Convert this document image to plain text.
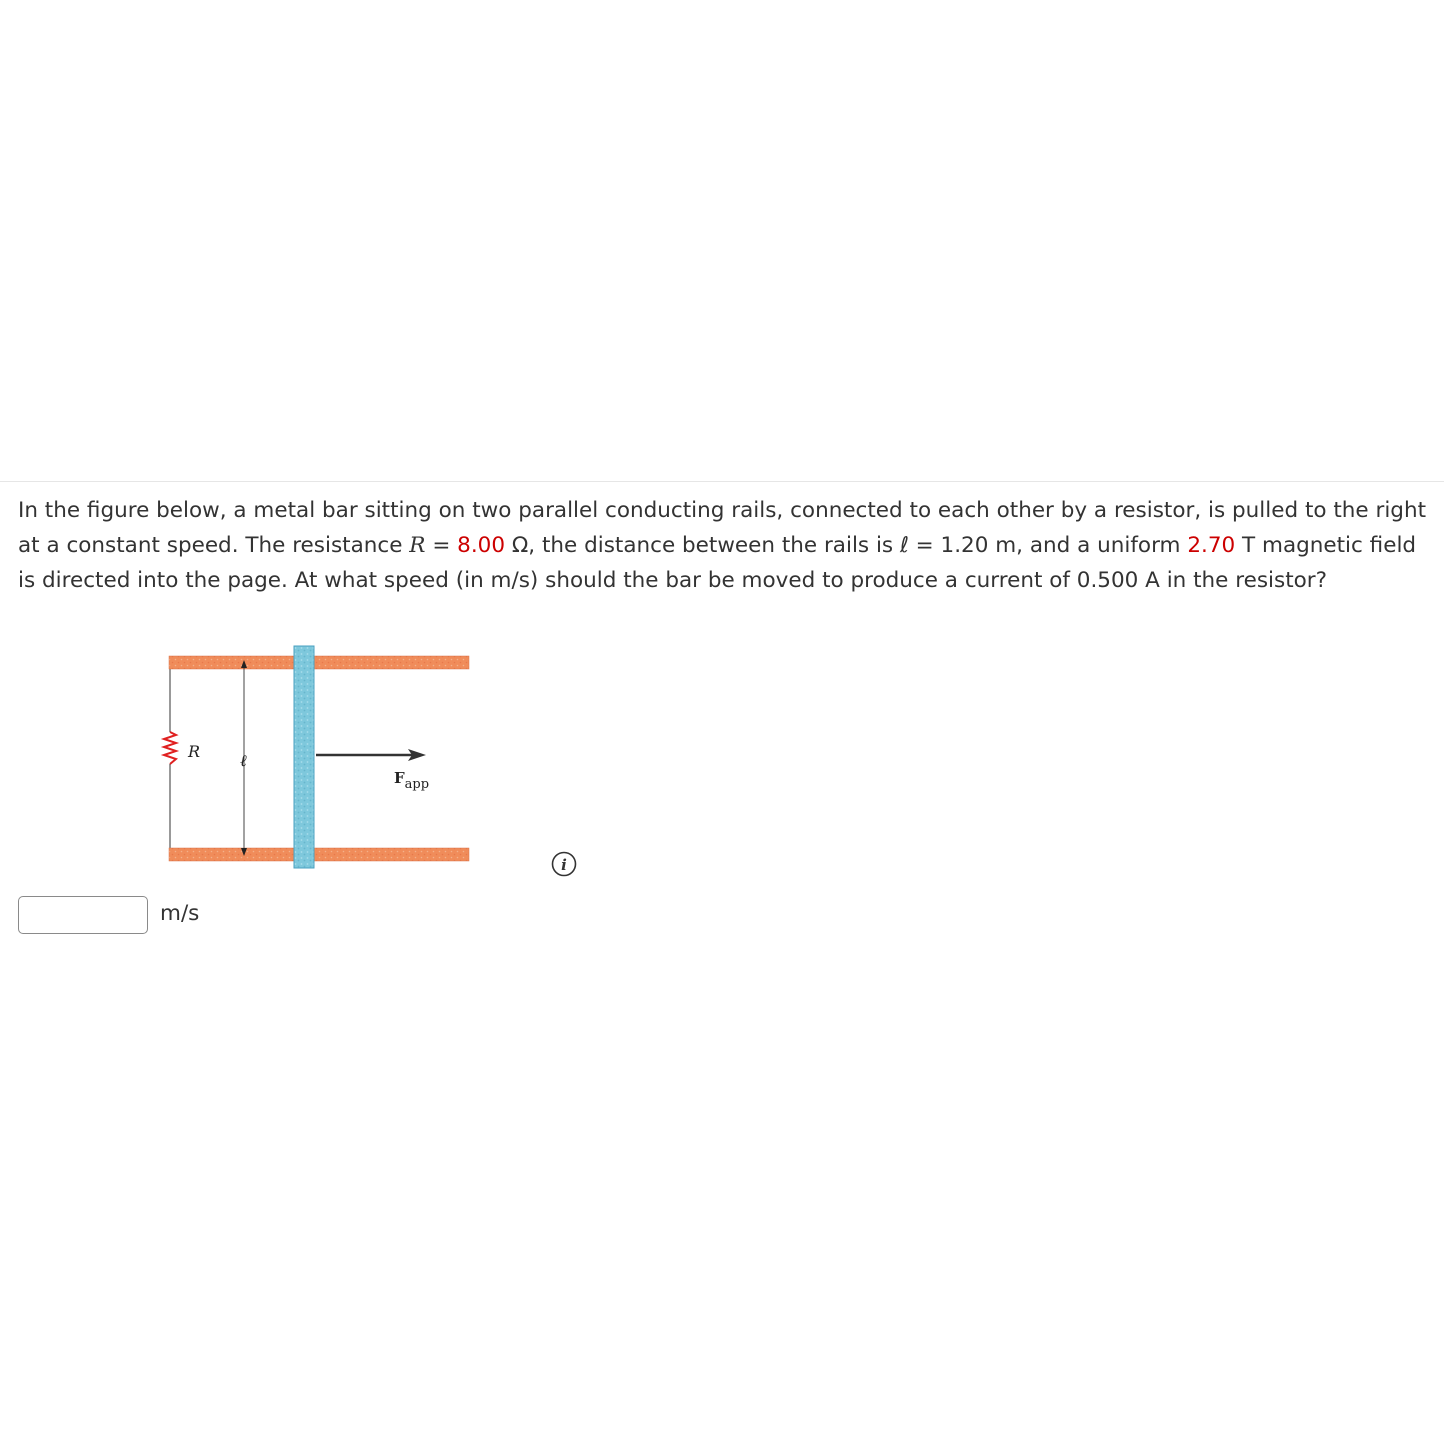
In the figure below, a metal bar sitting on two parallel conducting rails, connected to each other by a resistor, is pulled to the right at a constant speed. The resistance R = 8.00 Ω, the distance between the rails is ℓ = 1.20 m, and a uniform 2.70 T magnetic field is directed into the page. At what speed (in m/s) should the bar be moved to produce a current of 0.500 A in the resistor?

R ℓ
Fapp
i
m/s
